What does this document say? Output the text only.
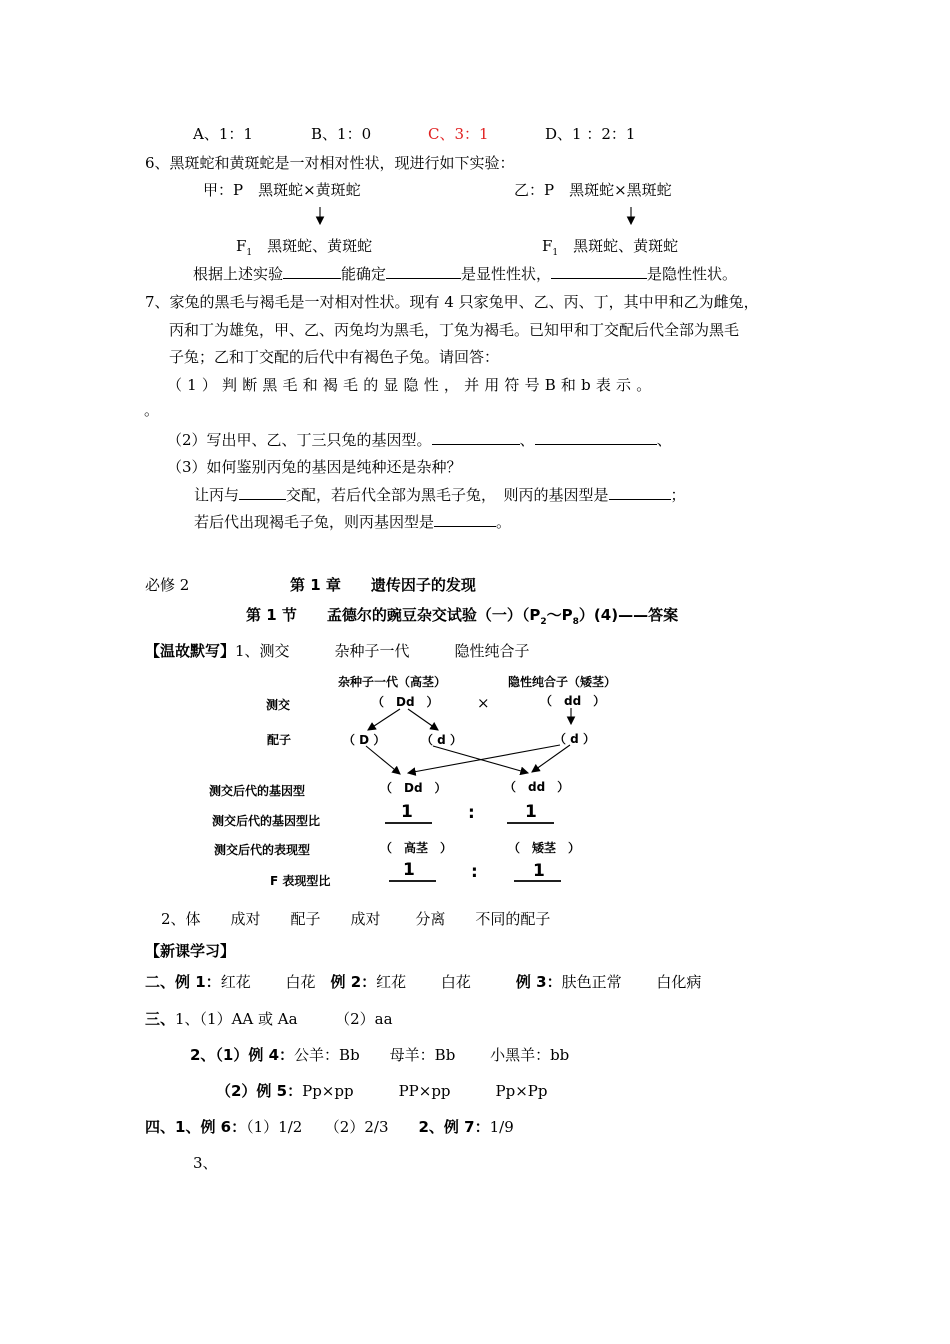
A、1：1	B、1：0	C、3：1	D、1 ：2：1
6、黑斑蛇和黄斑蛇是一对相对性状，现进行如下实验：
甲：P　黑斑蛇×黄斑蛇	乙：P　黑斑蛇×黑斑蛇
$F_1$　 黑斑蛇、黄斑蛇	$F_1$　 黑斑蛇、黄斑蛇
根据上述实验	能确定	是显性性状，	是隐性性状。
7、家兔的黑毛与褐毛是一对相对性状。现有 4 只家兔甲、乙、丙、丁，其中甲和乙为雌兔，
丙和丁为雄兔，甲、乙、丙兔均为黑毛，丁兔为褐毛。已知甲和丁交配后代全部为黑毛
子兔；乙和丁交配的后代中有褐色子兔。请回答：
（ 1 ） 判 断 黑 毛 和 褐 毛 的 显 隐 性 ， 并 用 符 号 B 和 b 表 示 。
。
（2）写出甲、乙、丁三只兔的基因型。	、	、
（3）如何鉴别丙兔的基因是纯种还是杂种？
让丙与	交配，若后代全部为黑毛子兔，　则丙的基因型是	；
若后代出现褐毛子兔，则丙基因型是	。
必修 2	第 1 章　　遗传因子的发现
第 1 节　　孟德尔的豌豆杂交试验（一）$(P_2\sim P_8)(4)——$答案
【温故默写】1、测交　　　杂种子一代　　　隐性纯合子
杂种子一代（高茎）	隐性纯合子（矮茎）
测交	（　Dd　）	×	（　dd　）
配子	（ D ）	（ d ）	（ d ）
测交后代的基因型	（　Dd　）	（　dd　）
测交后代的基因型比	1	:	1
测交后代的表现型	（　高茎　）	（　矮茎　）
F 表现型比
1	:	1
2、体　　成对　　配子　　成对　　 分离　　不同的配子
【新课学习】
二、例 1：红花　　 白花　例 2：红花　　 白花　　　例 3：肤色正常　　 白化病
三、1、（1）AA 或 Aa　　　（2）aa
2、（1）例 4：公羊：Bb　　母羊：Bb　　 小黑羊：bb
（2）例 5：Pp×pp　　　PP×pp　　　Pp×Pp
四、1、例 6：（1）1/2　　（2）2/3　　2、例 7：1/9
3、
